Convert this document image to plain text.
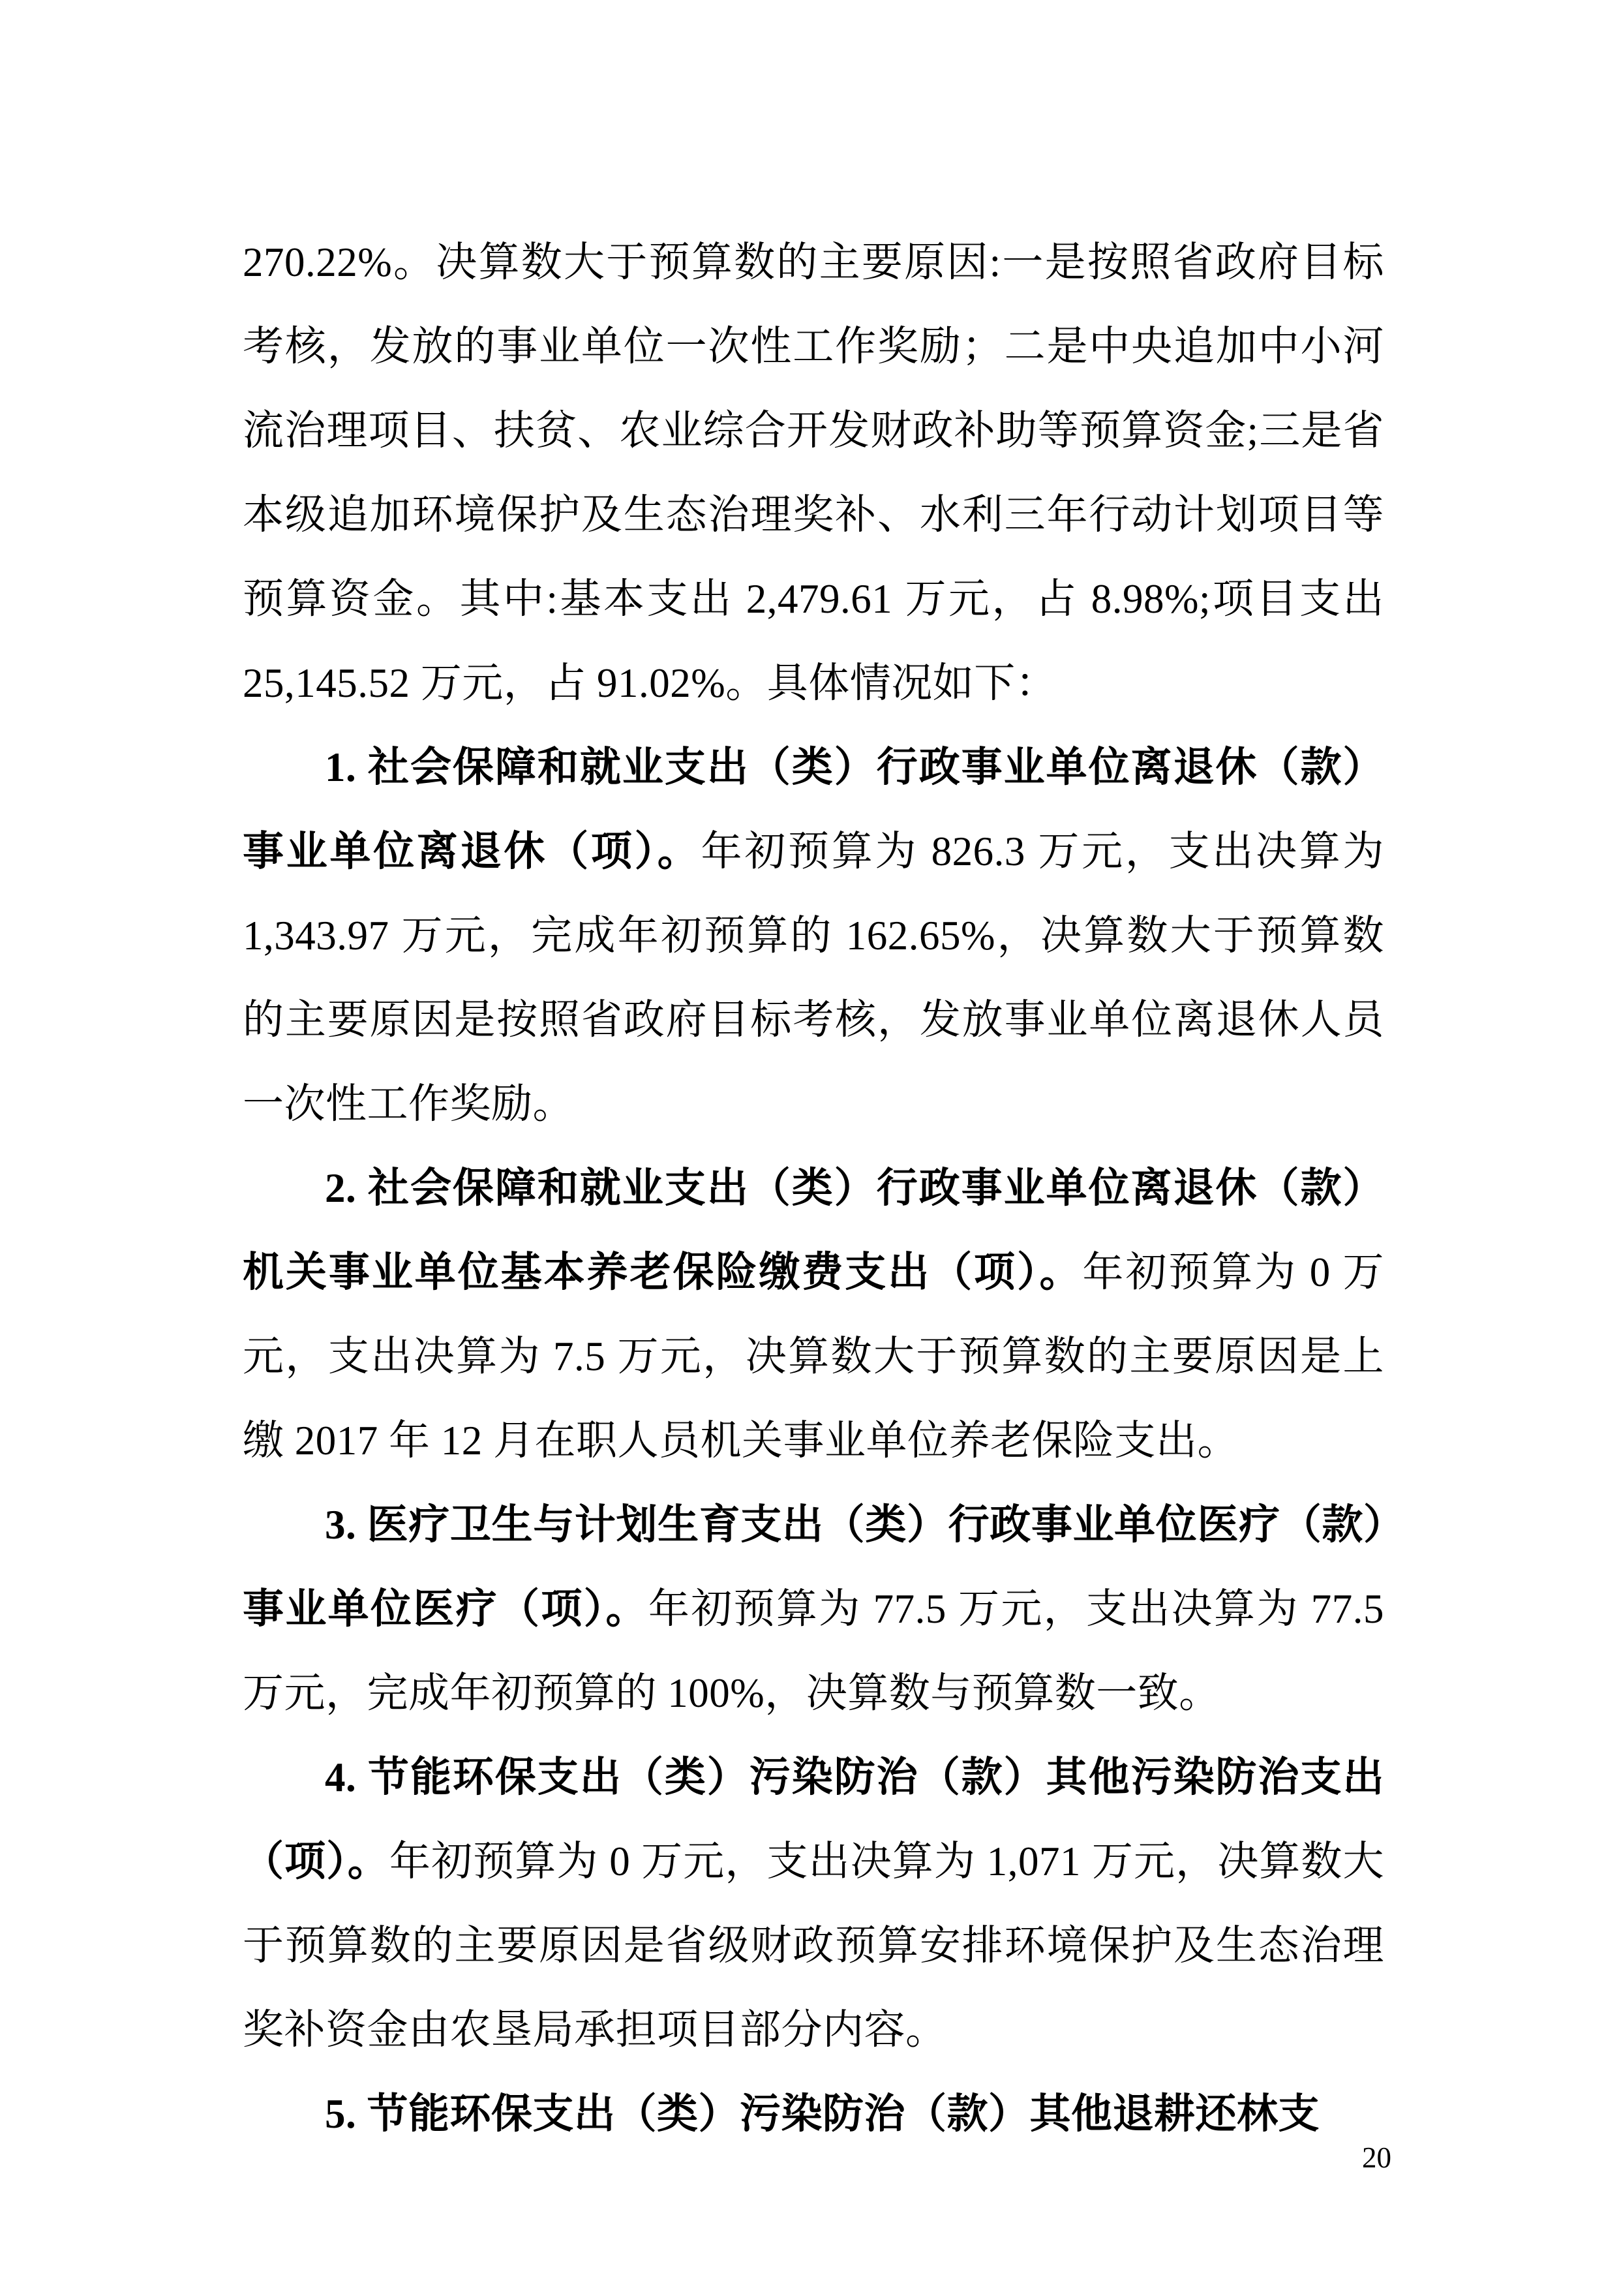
270.22%。决算数大于预算数的主要原因:一是按照省政府目标考核，发放的事业单位一次性工作奖励；二是中央追加中小河流治理项目、扶贫、农业综合开发财政补助等预算资金;三是省本级追加环境保护及生态治理奖补、水利三年行动计划项目等预算资金。其中:基本支出 2,479.61 万元，占 8.98%;项目支出 25,145.52 万元，占 91.02%。具体情况如下：

1. 社会保障和就业支出（类）行政事业单位离退休（款）事业单位离退休（项）。年初预算为 826.3 万元，支出决算为 1,343.97 万元，完成年初预算的 162.65%，决算数大于预算数的主要原因是按照省政府目标考核，发放事业单位离退休人员一次性工作奖励。

2. 社会保障和就业支出（类）行政事业单位离退休（款）机关事业单位基本养老保险缴费支出（项）。年初预算为 0 万元，支出决算为 7.5 万元，决算数大于预算数的主要原因是上缴 2017 年 12 月在职人员机关事业单位养老保险支出。

3. 医疗卫生与计划生育支出（类）行政事业单位医疗（款）事业单位医疗（项）。年初预算为 77.5 万元，支出决算为 77.5 万元，完成年初预算的 100%，决算数与预算数一致。

4. 节能环保支出（类）污染防治（款）其他污染防治支出（项）。年初预算为 0 万元，支出决算为 1,071 万元，决算数大于预算数的主要原因是省级财政预算安排环境保护及生态治理奖补资金由农垦局承担项目部分内容。

5. 节能环保支出（类）污染防治（款）其他退耕还林支

20
